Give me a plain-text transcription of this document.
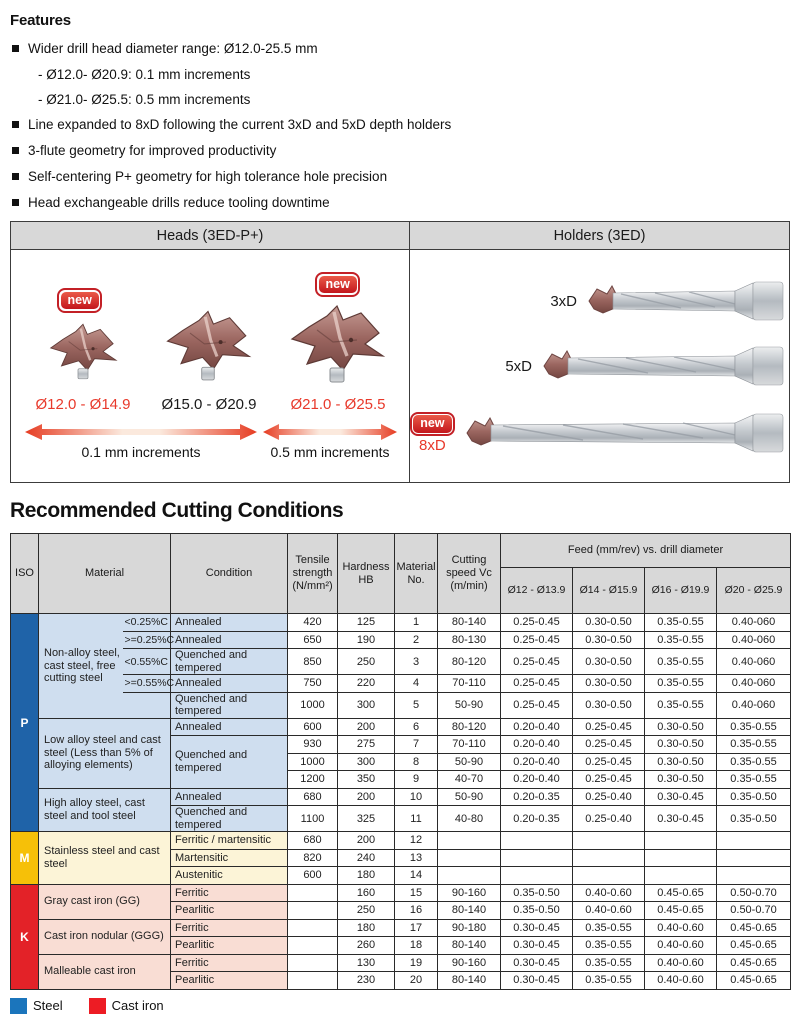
Features
Wider drill head diameter range: Ø12.0-25.5 mm
- Ø12.0- Ø20.9: 0.1 mm increments
- Ø21.0- Ø25.5: 0.5 mm increments
Line expanded to 8xD following the current 3xD and 5xD depth holders
3-flute geometry for improved productivity
Self-centering P+ geometry for high tolerance hole precision
Head exchangeable drills reduce tooling downtime
Heads (3ED-P+)
new
new
Ø12.0 - Ø14.9	Ø15.0 - Ø20.9	Ø21.0 - Ø25.5
0.1 mm increments	0.5 mm increments
Holders (3ED)
3xD
5xD
new
8xD
Recommended Cutting Conditions
ISO	Material		Condition	Tensile strength (N/mm²)	Hardness HB	Material No.	Cutting speed Vc (m/min)	Feed (mm/rev) vs. drill diameter			
								Ø12 - Ø13.9	Ø14 - Ø15.9	Ø16 - Ø19.9	Ø20 - Ø25.9
P	Non-alloy steel, cast steel, free cutting steel	<0.25%C	Annealed	420	125	1	80-140	0.25-0.45	0.30-0.50	0.35-0.55	0.40-060
		>=0.25%C	Annealed	650	190	2	80-130	0.25-0.45	0.30-0.50	0.35-0.55	0.40-060
		<0.55%C	Quenched and tempered	850	250	3	80-120	0.25-0.45	0.30-0.50	0.35-0.55	0.40-060
		>=0.55%C	Annealed	750	220	4	70-110	0.25-0.45	0.30-0.50	0.35-0.55	0.40-060
			Quenched and tempered	1000	300	5	50-90	0.25-0.45	0.30-0.50	0.35-0.55	0.40-060
	Low alloy steel and cast steel (Less than 5% of alloying elements)		Annealed	600	200	6	80-120	0.20-0.40	0.25-0.45	0.30-0.50	0.35-0.55
			Quenched and tempered	930	275	7	70-110	0.20-0.40	0.25-0.45	0.30-0.50	0.35-0.55
				1000	300	8	50-90	0.20-0.40	0.25-0.45	0.30-0.50	0.35-0.55
				1200	350	9	40-70	0.20-0.40	0.25-0.45	0.30-0.50	0.35-0.55
	High alloy steel, cast steel and tool steel		Annealed	680	200	10	50-90	0.20-0.35	0.25-0.40	0.30-0.45	0.35-0.50
			Quenched and tempered	1100	325	11	40-80	0.20-0.35	0.25-0.40	0.30-0.45	0.35-0.50
M	Stainless steel and cast steel		Ferritic / martensitic	680	200	12					
			Martensitic	820	240	13					
			Austenitic	600	180	14					
K	Gray cast iron (GG)		Ferritic		160	15	90-160	0.35-0.50	0.40-0.60	0.45-0.65	0.50-0.70
			Pearlitic		250	16	80-140	0.35-0.50	0.40-0.60	0.45-0.65	0.50-0.70
	Cast iron nodular (GGG)		Ferritic		180	17	90-180	0.30-0.45	0.35-0.55	0.40-0.60	0.45-0.65
			Pearlitic		260	18	80-140	0.30-0.45	0.35-0.55	0.40-0.60	0.45-0.65
	Malleable cast iron		Ferritic		130	19	90-160	0.30-0.45	0.35-0.55	0.40-0.60	0.45-0.65
			Pearlitic		230	20	80-140	0.30-0.45	0.35-0.55	0.40-0.60	0.45-0.65
Steel	Cast iron
